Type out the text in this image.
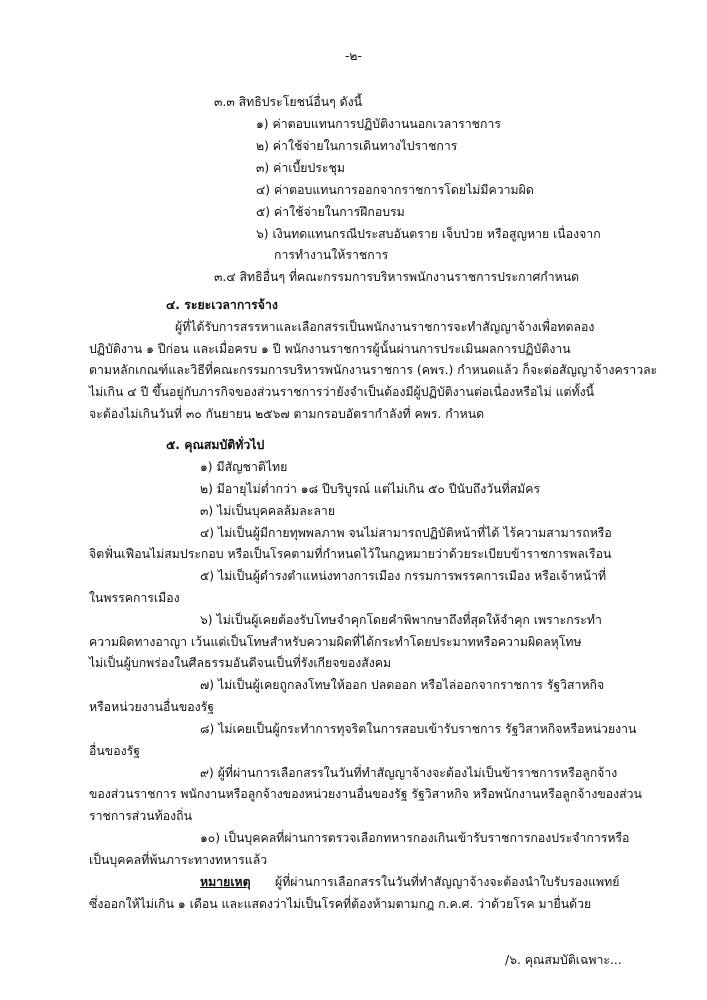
-๒-
๓.๓ สิทธิประโยชน์อื่นๆ ดังนี้
๑) ค่าตอบแทนการปฏิบัติงานนอกเวลาราชการ
๒) ค่าใช้จ่ายในการเดินทางไปราชการ
๓) ค่าเบี้ยประชุม
๔) ค่าตอบแทนการออกจากราชการโดยไม่มีความผิด
๕) ค่าใช้จ่ายในการฝึกอบรม
๖) เงินทดแทนกรณีประสบอันตราย เจ็บป่วย หรือสูญหาย เนื่องจาก
การทำงานให้ราชการ
๓.๔ สิทธิอื่นๆ ที่คณะกรรมการบริหารพนักงานราชการประกาศกำหนด
๔. ระยะเวลาการจ้าง
ผู้ที่ได้รับการสรรหาและเลือกสรรเป็นพนักงานราชการจะทำสัญญาจ้างเพื่อทดลอง
ปฏิบัติงาน ๑ ปีก่อน และเมื่อครบ ๑ ปี พนักงานราชการผู้นั้นผ่านการประเมินผลการปฏิบัติงาน
ตามหลักเกณฑ์และวิธีที่คณะกรรมการบริหารพนักงานราชการ (คพร.) กำหนดแล้ว ก็จะต่อสัญญาจ้างคราวละ
ไม่เกิน ๔ ปี ขึ้นอยู่กับภารกิจของส่วนราชการว่ายังจำเป็นต้องมีผู้ปฏิบัติงานต่อเนื่องหรือไม่ แต่ทั้งนี้
จะต้องไม่เกินวันที่ ๓๐ กันยายน ๒๕๖๗ ตามกรอบอัตรากำลังที่ คพร. กำหนด
๕. คุณสมบัติทั่วไป
๑) มีสัญชาติไทย
๒) มีอายุไม่ต่ำกว่า ๑๘ ปีบริบูรณ์ แต่ไม่เกิน ๕๐ ปีนับถึงวันที่สมัคร
๓) ไม่เป็นบุคคลล้มละลาย
๔) ไม่เป็นผู้มีกายทุพพลภาพ จนไม่สามารถปฏิบัติหน้าที่ได้ ไร้ความสามารถหรือ
จิตฟั่นเฟือนไม่สมประกอบ หรือเป็นโรคตามที่กำหนดไว้ในกฎหมายว่าด้วยระเบียบข้าราชการพลเรือน
๕) ไม่เป็นผู้ดำรงตำแหน่งทางการเมือง กรรมการพรรคการเมือง หรือเจ้าหน้าที่
ในพรรคการเมือง
๖) ไม่เป็นผู้เคยต้องรับโทษจำคุกโดยคำพิพากษาถึงที่สุดให้จำคุก เพราะกระทำ
ความผิดทางอาญา เว้นแต่เป็นโทษสำหรับความผิดที่ได้กระทำโดยประมาทหรือความผิดลหุโทษ
ไม่เป็นผู้บกพร่องในศีลธรรมอันดีจนเป็นที่รังเกียจของสังคม
๗) ไม่เป็นผู้เคยถูกลงโทษให้ออก ปลดออก หรือไล่ออกจากราชการ รัฐวิสาหกิจ
หรือหน่วยงานอื่นของรัฐ
๘) ไม่เคยเป็นผู้กระทำการทุจริตในการสอบเข้ารับราชการ รัฐวิสาหกิจหรือหน่วยงาน
อื่นของรัฐ
๙) ผู้ที่ผ่านการเลือกสรรในวันที่ทำสัญญาจ้างจะต้องไม่เป็นข้าราชการหรือลูกจ้าง
ของส่วนราชการ พนักงานหรือลูกจ้างของหน่วยงานอื่นของรัฐ รัฐวิสาหกิจ หรือพนักงานหรือลูกจ้างของส่วน
ราชการส่วนท้องถิ่น
๑๐) เป็นบุคคลที่ผ่านการตรวจเลือกทหารกองเกินเข้ารับราชการกองประจำการหรือ
เป็นบุคคลที่พ้นภาระทางทหารแล้ว
หมายเหตุ ผู้ที่ผ่านการเลือกสรรในวันที่ทำสัญญาจ้างจะต้องนำใบรับรองแพทย์
ซึ่งออกให้ไม่เกิน ๑ เดือน และแสดงว่าไม่เป็นโรคที่ต้องห้ามตามกฎ ก.ค.ศ. ว่าด้วยโรค มายื่นด้วย
/๖. คุณสมบัติเฉพาะ...
